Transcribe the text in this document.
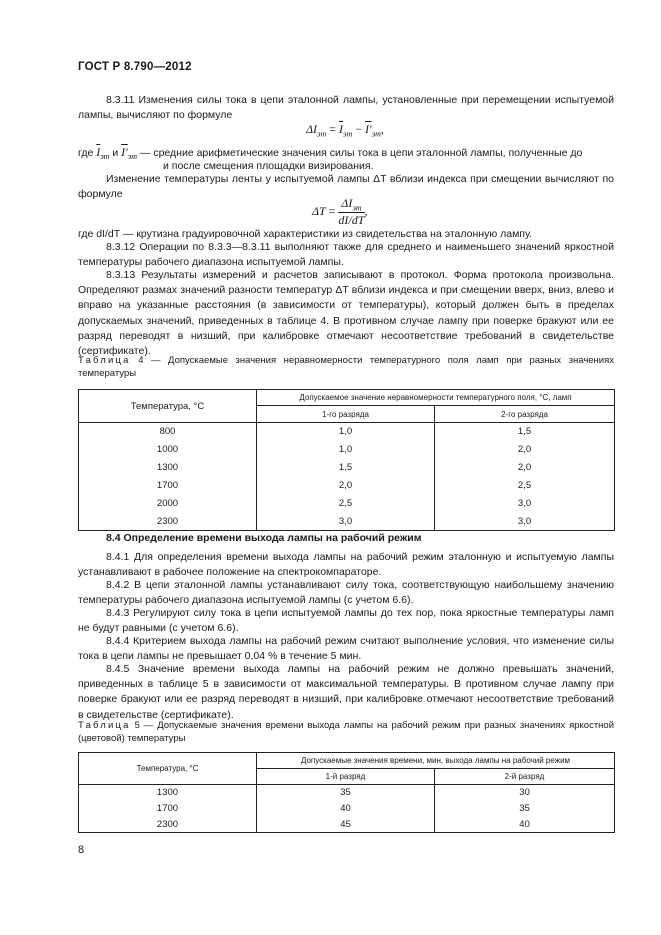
ГОСТ Р 8.790—2012
8.3.11 Изменения силы тока в цепи эталонной лампы, установленные при перемещении испытуемой лампы, вычисляют по формуле
$\Delta I_{эт} = \overline{I}_{эт} - I'_{эт}$,
где $\overline{I}_{эт}$ и $I'_{эт}$ — средние арифметические значения силы тока в цепи эталонной лампы, полученные до
и после смещения площадки визирования.
Изменение температуры ленты у испытуемой лампы ΔT вблизи индекса при смещении вычисляют по формуле
$\Delta T = \frac{\Delta I_{эт}}{dI/dT}$ ,
где dI/dT — крутизна градуировочной характеристики из свидетельства на эталонную лампу.
8.3.12 Операции по 8.3.3—8.3.11 выполняют также для среднего и наименьшего значений яркостной температуры рабочего диапазона испытуемой лампы.
8.3.13 Результаты измерений и расчетов записывают в протокол. Форма протокола произвольна. Определяют размах значений разности температур ΔT вблизи индекса и при смещении вверх, вниз, влево и вправо на указанные расстояния (в зависимости от температуры), который должен быть в пределах допускаемых значений, приведенных в таблице 4. В противном случае лампу при поверке бракуют или ее разряд переводят в низший, при калибровке отмечают несоответствие требований в свидетельстве (сертификате).
Таблица 4 — Допускаемые значения неравномерности температурного поля ламп при разных значениях температуры
Температура, °С	Допускаемое значение неравномерности температурного поля, °С, ламп	
	1-го разряда	2-го разряда
800	1,0	1,5
1000	1,0	2,0
1300	1,5	2,0
1700	2,0	2,5
2000	2,5	3,0
2300	3,0	3,0
8.4 Определение времени выхода лампы на рабочий режим
8.4.1 Для определения времени выхода лампы на рабочий режим эталонную и испытуемую лампы устанавливают в рабочее положение на спектрокомпараторе.
8.4.2 В цепи эталонной лампы устанавливают силу тока, соответствующую наибольшему значению температуры рабочего диапазона испытуемой лампы (с учетом 6.6).
8.4.3 Регулируют силу тока в цепи испытуемой лампы до тех пор, пока яркостные температуры ламп не будут равными (с учетом 6.6).
8.4.4 Критерием выхода лампы на рабочий режим считают выполнение условия, что изменение силы тока в цепи лампы не превышает 0,04 % в течение 5 мин.
8.4.5 Значение времени выхода лампы на рабочий режим не должно превышать значений, приведенных в таблице 5 в зависимости от максимальной температуры. В противном случае лампу при поверке бракуют или ее разряд переводят в низший, при калибровке отмечают несоответствие требований в свидетельстве (сертификате).
Таблица 5 — Допускаемые значения времени выхода лампы на рабочий режим при разных значениях яркостной (цветовой) температуры
Температура, °С	Допускаемые значения времени, мин, выхода лампы на рабочий режим	
	1-й разряд	2-й разряд
1300	35	30
1700	40	35
2300	45	40
8
